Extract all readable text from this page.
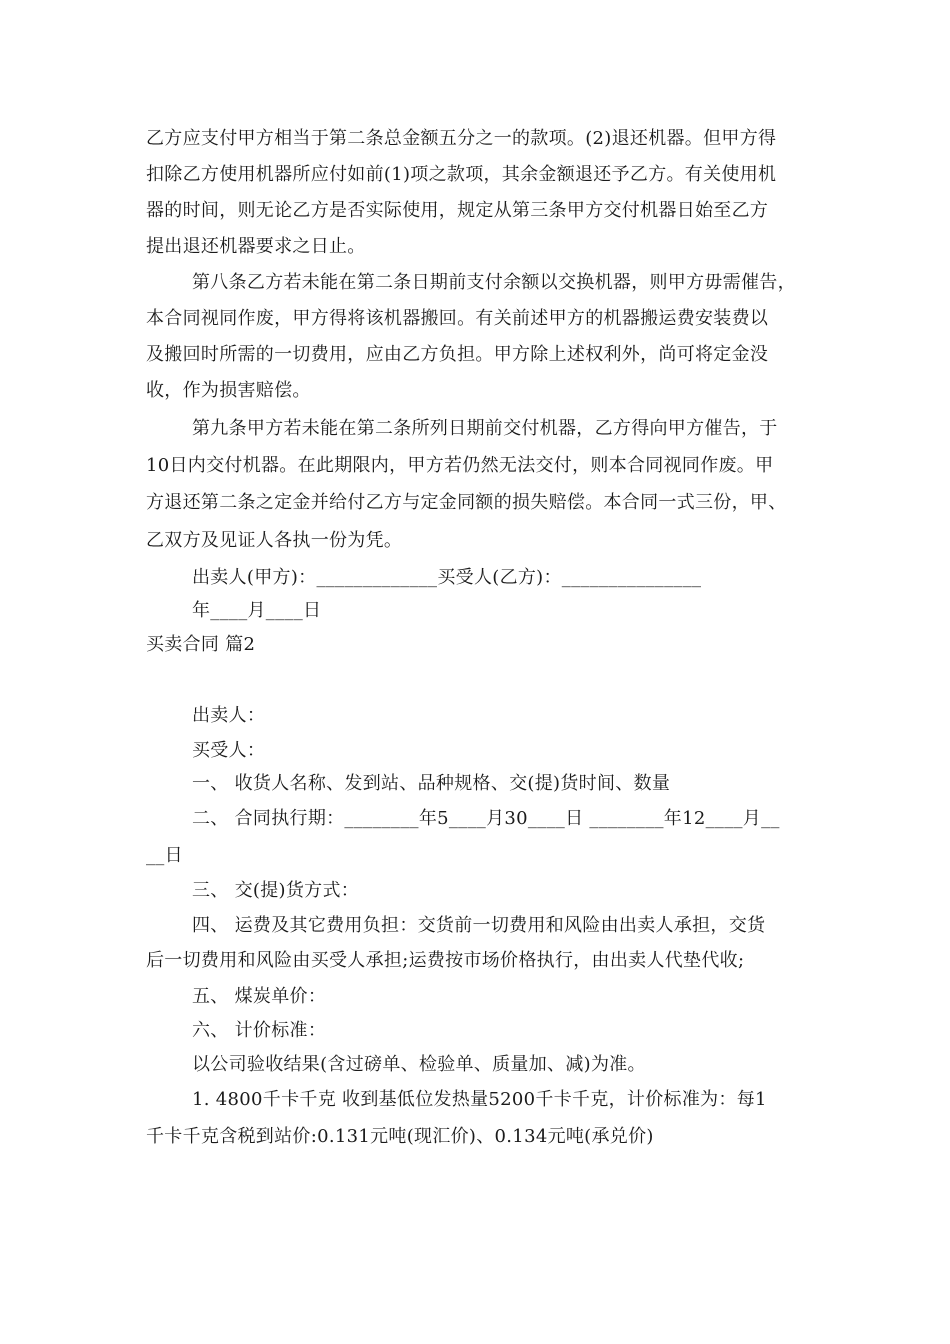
乙方应支付甲方相当于第二条总金额五分之一的款项。(2)退还机器。但甲方得
扣除乙方使用机器所应付如前(1)项之款项，其余金额退还予乙方。有关使用机
器的时间，则无论乙方是否实际使用，规定从第三条甲方交付机器日始至乙方
提出退还机器要求之日止。
第八条乙方若未能在第二条日期前支付余额以交换机器，则甲方毋需催告，
本合同视同作废，甲方得将该机器搬回。有关前述甲方的机器搬运费安装费以
及搬回时所需的一切费用，应由乙方负担。甲方除上述权利外，尚可将定金没
收，作为损害赔偿。
第九条甲方若未能在第二条所列日期前交付机器，乙方得向甲方催告，于
10日内交付机器。在此期限内，甲方若仍然无法交付，则本合同视同作废。甲
方退还第二条之定金并给付乙方与定金同额的损失赔偿。本合同一式三份，甲、
乙双方及见证人各执一份为凭。
出卖人(甲方)：_____________买受人(乙方)：_______________
年____月____日
买卖合同 篇2
出卖人：
买受人：
一、 收货人名称、发到站、品种规格、交(提)货时间、数量
二、 合同执行期：________年5____月30____日 ________年12____月__
__日
三、 交(提)货方式：
四、 运费及其它费用负担：交货前一切费用和风险由出卖人承担，交货
后一切费用和风险由买受人承担;运费按市场价格执行，由出卖人代垫代收;
五、 煤炭单价：
六、 计价标准：
以公司验收结果(含过磅单、检验单、质量加、减)为准。
1. 4800千卡千克 收到基低位发热量5200千卡千克，计价标准为：每1
千卡千克含税到站价:0.131元吨(现汇价)、0.134元吨(承兑价)
